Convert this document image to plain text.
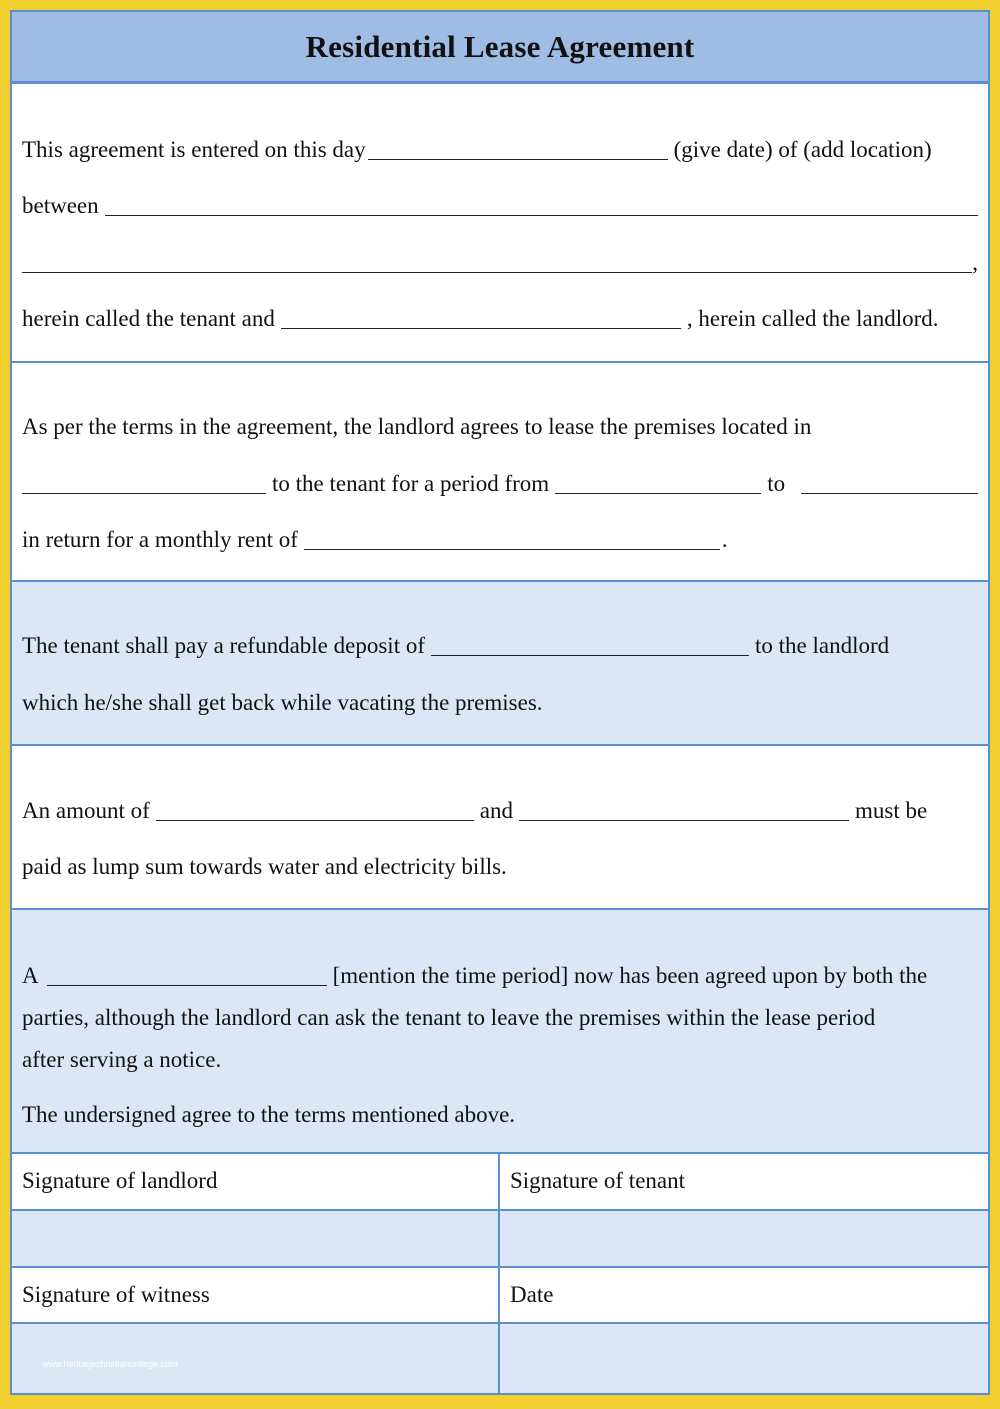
Residential Lease Agreement
This agreement is entered on this day	(give date) of (add location)
between
,
herein called the tenant and	, herein called the landlord.
As per the terms in the agreement, the landlord agrees to lease the premises located in
to the tenant for a period from	to
in return for a monthly rent of	.
The tenant shall pay a refundable deposit of	to the landlord
which he/she shall get back while vacating the premises.
An amount of	and	must be
paid as lump sum towards water and electricity bills.
A	[mention the time period] now has been agreed upon by both the
parties, although the landlord can ask the tenant to leave the premises within the lease period
after serving a notice.
The undersigned agree to the terms mentioned above.
Signature of landlord	Signature of tenant
Signature of witness	Date
www.heritagechristiancollege.com
